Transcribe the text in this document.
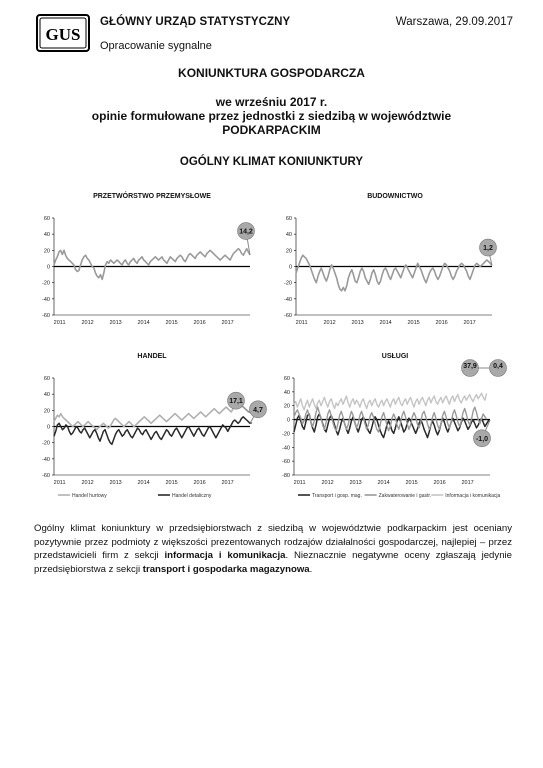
GUS
GŁÓWNY URZĄD STATYSTYCZNY	Warszawa, 29.09.2017
Opracowanie sygnalne
KONIUNKTURA GOSPODARCZA
we wrześniu 2017 r.
opinie formułowane przez jednostki z siedzibą w województwie
PODKARPACKIM
OGÓLNY KLIMAT KONIUNKTURY
PRZETWÓRSTWO PRZEMYSŁOWE	BUDOWNICTWO
HANDEL	USŁUGI
60
40
20
0
-20
-40
-60
2011	2012	2013	2014	2015	2016	2017
14,2
60
40
20
0
-20
-40
-60
2011	2012	2013	2014	2015	2016	2017
1,2
60
40
20
0
-20
-40
-60
2011	2012	2013	2014	2015	2016	2017
17,1
4,7
Handel hurtowy	Handel detaliczny
60
40
20
0
-20
-40
-60
-80
2011	2012	2013	2014	2015	2016	2017
37,9 0,4
-1,0
Transport i gosp. mag.	Zakwaterowanie i gastr.	Informacja i komunikacja
Ogólny klimat koniunktury w przedsiębiorstwach z siedzibą w województwie podkarpackim jest oceniany pozytywnie przez podmioty z większości prezentowanych rodzajów działalności gospodarczej, najlepiej – przez przedstawicieli firm z sekcji informacja i komunikacja. Nieznacznie negatywne oceny zgłaszają jedynie przedsiębiorstwa z sekcji transport i gospodarka magazynowa.
